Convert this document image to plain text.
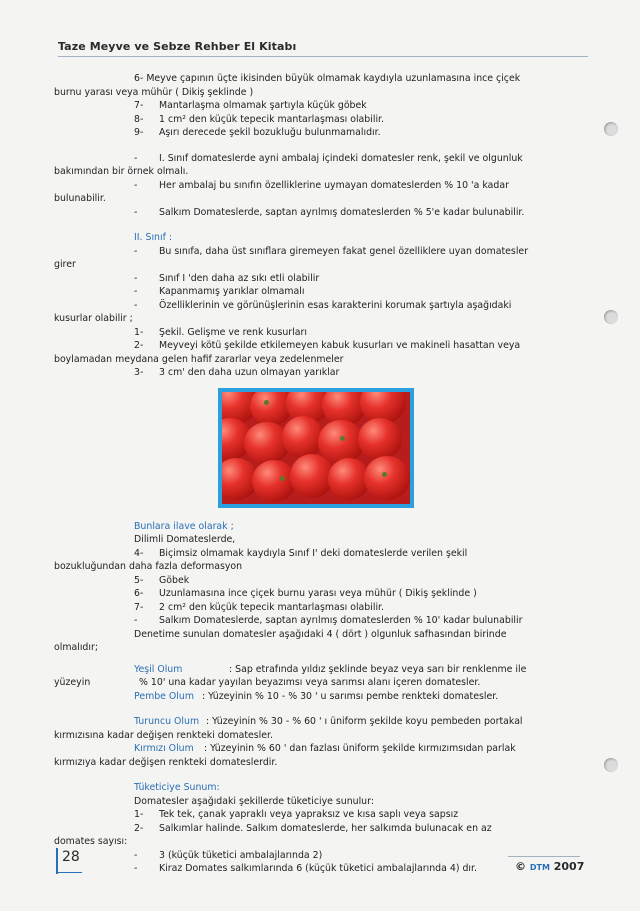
Taze Meyve ve Sebze Rehber El Kitabı
6- Meyve çapının üçte ikisinden büyük olmamak kaydıyla uzunlamasına ince çiçek
burnu yarası veya mühür ( Dikiş şeklinde )
7- Mantarlaşma olmamak şartıyla küçük göbek
8- 1 cm² den küçük tepecik mantarlaşması olabilir.
9- Aşırı derecede şekil bozukluğu bulunmamalıdır.
- I. Sınıf domateslerde ayni ambalaj içindeki domatesler renk, şekil ve olgunluk
bakımından bir örnek olmalı.
- Her ambalaj bu sınıfın özelliklerine uymayan domateslerden % 10 'a kadar
bulunabilir.
- Salkım Domateslerde, saptan ayrılmış domateslerden % 5'e kadar bulunabilir.
II. Sınıf :
- Bu sınıfa, daha üst sınıflara giremeyen fakat genel özelliklere uyan domatesler
girer
- Sınıf I 'den daha az sıkı etli olabilir
- Kapanmamış yarıklar olmamalı
- Özelliklerinin ve görünüşlerinin esas karakterini korumak şartıyla aşağıdaki
kusurlar olabilir ;
1- Şekil. Gelişme ve renk kusurları
2- Meyveyi kötü şekilde etkilemeyen kabuk kusurları ve makineli hasattan veya
boylamadan meydana gelen hafif zararlar veya zedelenmeler
3- 3 cm' den daha uzun olmayan yarıklar
Bunlara ilave olarak ;
Dilimli Domateslerde,
4- Biçimsiz olmamak kaydıyla Sınıf I' deki domateslerde verilen şekil
bozukluğundan daha fazla deformasyon
5- Göbek
6- Uzunlamasına ince çiçek burnu yarası veya mühür ( Dikiş şeklinde )
7- 2 cm² den küçük tepecik mantarlaşması olabilir.
- Salkım Domateslerde, saptan ayrılmış domateslerden % 10' kadar bulunabilir
Denetime sunulan domatesler aşağıdaki 4 ( dört ) olgunluk safhasından birinde
olmalıdır;
Yeşil Olum	: Sap etrafında yıldız şeklinde beyaz veya sarı bir renklenme ile
yüzeyin	% 10' una kadar yayılan beyazımsı veya sarımsı alanı içeren domatesler.
Pembe Olum : Yüzeyinin % 10 - % 30 ' u sarımsı pembe renkteki domatesler.
Turuncu Olum : Yüzeyinin % 30 - % 60 ' ı üniform şekilde koyu pembeden portakal
kırmızısına kadar değişen renkteki domatesler.
Kırmızı Olum : Yüzeyinin % 60 ' dan fazlası üniform şekilde kırmızımsıdan parlak
kırmızıya kadar değişen renkteki domateslerdir.
Tüketiciye Sunum:
Domatesler aşağıdaki şekillerde tüketiciye sunulur:
1- Tek tek, çanak yapraklı veya yapraksız ve kısa saplı veya sapsız
2- Salkımlar halinde. Salkım domateslerde, her salkımda bulunacak en az
domates sayısı:
- 3 (küçük tüketici ambalajlarında 2)
- Kiraz Domates salkımlarında 6 (küçük tüketici ambalajlarında 4) dır.
28
© DTM 2007
